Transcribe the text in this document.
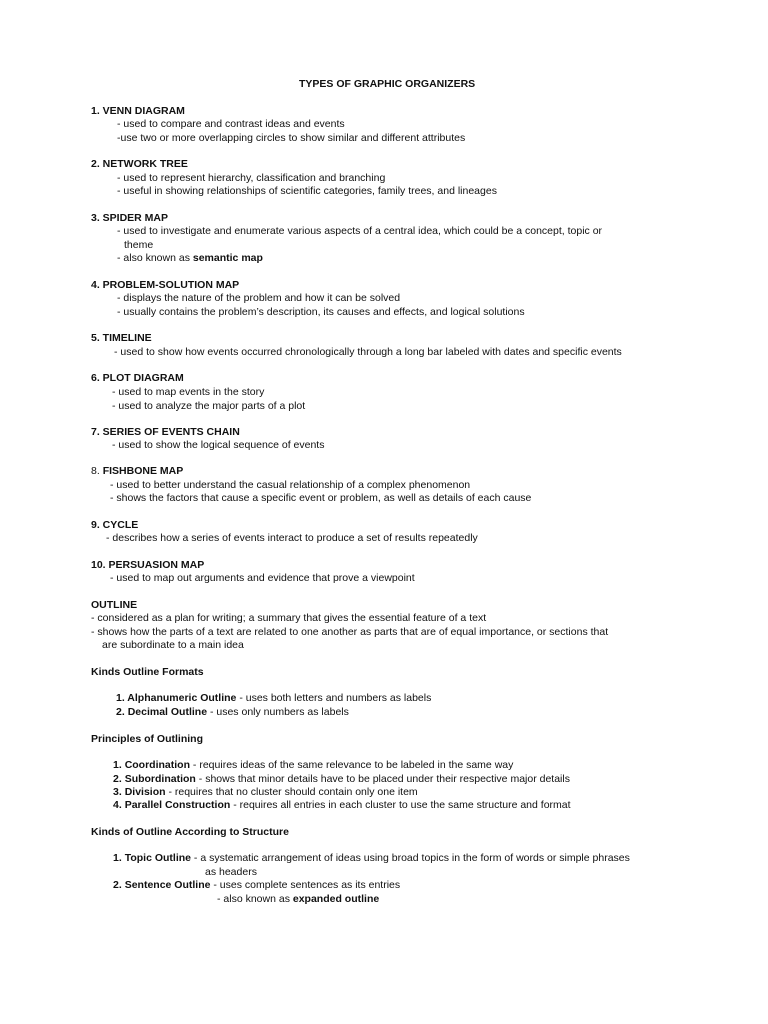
TYPES OF GRAPHIC ORGANIZERS
1. VENN DIAGRAM
- used to compare and contrast ideas and events
-use two or more overlapping circles to show similar and different attributes
2. NETWORK TREE
- used to represent hierarchy, classification and branching
- useful in showing relationships of scientific categories, family trees, and lineages
3. SPIDER MAP
- used to investigate and enumerate various aspects of a central idea, which could be a concept, topic or
theme
- also known as semantic map
4. PROBLEM-SOLUTION MAP
- displays the nature of the problem and how it can be solved
- usually contains the problem’s description, its causes and effects, and logical solutions
5. TIMELINE
- used to show how events occurred chronologically through a long bar labeled with dates and specific events
6. PLOT DIAGRAM
- used to map events in the story
- used to analyze the major parts of a plot
7. SERIES OF EVENTS CHAIN
- used to show the logical sequence of events
8. FISHBONE MAP
- used to better understand the casual relationship of a complex phenomenon
- shows the factors that cause a specific event or problem, as well as details of each cause
9. CYCLE
- describes how a series of events interact to produce a set of results repeatedly
10. PERSUASION MAP
- used to map out arguments and evidence that prove a viewpoint
OUTLINE
- considered as a plan for writing; a summary that gives the essential feature of a text
- shows how the parts of a text are related to one another as parts that are of equal importance, or sections that
are subordinate to a main idea
Kinds Outline Formats
1. Alphanumeric Outline - uses both letters and numbers as labels
2. Decimal Outline - uses only numbers as labels
Principles of Outlining
1. Coordination - requires ideas of the same relevance to be labeled in the same way
2. Subordination - shows that minor details have to be placed under their respective major details
3. Division - requires that no cluster should contain only one item
4. Parallel Construction - requires all entries in each cluster to use the same structure and format
Kinds of Outline According to Structure
1. Topic Outline - a systematic arrangement of ideas using broad topics in the form of words or simple phrases
as headers
2. Sentence Outline - uses complete sentences as its entries
- also known as expanded outline
